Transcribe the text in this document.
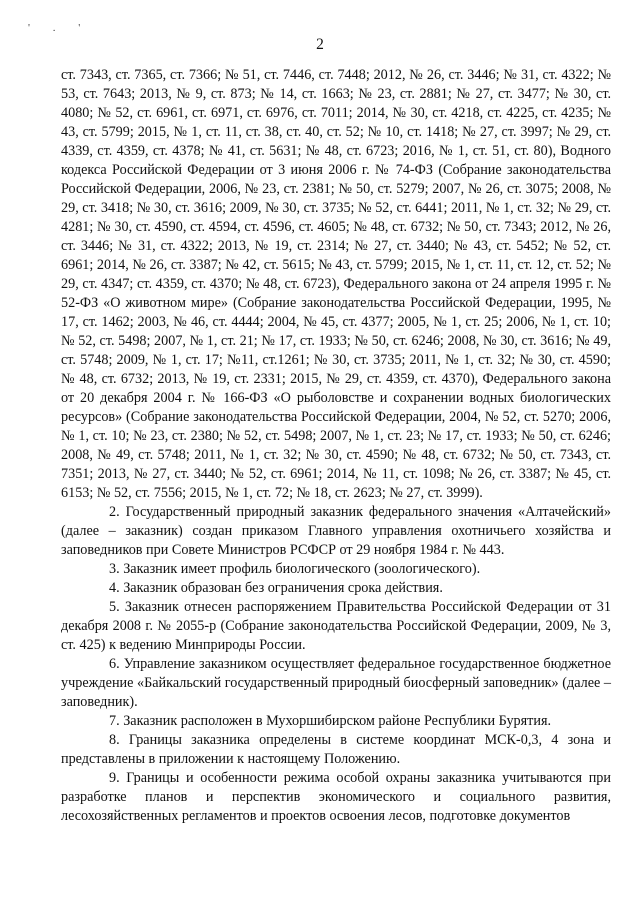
' . '
2

ст. 7343, ст. 7365, ст. 7366; № 51, ст. 7446, ст. 7448; 2012, № 26, ст. 3446; № 31, ст. 4322; № 53, ст. 7643; 2013, № 9, ст. 873; № 14, ст. 1663; № 23, ст. 2881; № 27, ст. 3477; № 30, ст. 4080; № 52, ст. 6961, ст. 6971, ст. 6976, ст. 7011; 2014, № 30, ст. 4218, ст. 4225, ст. 4235; № 43, ст. 5799; 2015, № 1, ст. 11, ст. 38, ст. 40, ст. 52; № 10, ст. 1418; № 27, ст. 3997; № 29, ст. 4339, ст. 4359, ст. 4378; № 41, ст. 5631; № 48, ст. 6723; 2016, № 1, ст. 51, ст. 80), Водного кодекса Российской Федерации от 3 июня 2006 г. № 74-ФЗ (Собрание законодательства Российской Федерации, 2006, № 23, ст. 2381; № 50, ст. 5279; 2007, № 26, ст. 3075; 2008, № 29, ст. 3418; № 30, ст. 3616; 2009, № 30, ст. 3735; № 52, ст. 6441; 2011, № 1, ст. 32; № 29, ст. 4281; № 30, ст. 4590, ст. 4594, ст. 4596, ст. 4605; № 48, ст. 6732; № 50, ст. 7343; 2012, № 26, ст. 3446; № 31, ст. 4322; 2013, № 19, ст. 2314; № 27, ст. 3440; № 43, ст. 5452; № 52, ст. 6961; 2014, № 26, ст. 3387; № 42, ст. 5615; № 43, ст. 5799; 2015, № 1, ст. 11, ст. 12, ст. 52; № 29, ст. 4347; ст. 4359, ст. 4370; № 48, ст. 6723), Федерального закона от 24 апреля 1995 г. № 52-ФЗ «О животном мире» (Собрание законодательства Российской Федерации, 1995, № 17, ст. 1462; 2003, № 46, ст. 4444; 2004, № 45, ст. 4377; 2005, № 1, ст. 25; 2006, № 1, ст. 10; № 52, ст. 5498; 2007, № 1, ст. 21; № 17, ст. 1933; № 50, ст. 6246; 2008, № 30, ст. 3616; № 49, ст. 5748; 2009, № 1, ст. 17; №11, ст.1261; № 30, ст. 3735; 2011, № 1, ст. 32; № 30, ст. 4590; № 48, ст. 6732; 2013, № 19, ст. 2331; 2015, № 29, ст. 4359, ст. 4370), Федерального закона от 20 декабря 2004 г. № 166-ФЗ «О рыболовстве и сохранении водных биологических ресурсов» (Собрание законодательства Российской Федерации, 2004, № 52, ст. 5270; 2006, № 1, ст. 10; № 23, ст. 2380; № 52, ст. 5498; 2007, № 1, ст. 23; № 17, ст. 1933; № 50, ст. 6246; 2008, № 49, ст. 5748; 2011, № 1, ст. 32; № 30, ст. 4590; № 48, ст. 6732; № 50, ст. 7343, ст. 7351; 2013, № 27, ст. 3440; № 52, ст. 6961; 2014, № 11, ст. 1098; № 26, ст. 3387; № 45, ст. 6153; № 52, ст. 7556; 2015, № 1, ст. 72; № 18, ст. 2623; № 27, ст. 3999).

2. Государственный природный заказник федерального значения «Алтачейский» (далее – заказник) создан приказом Главного управления охотничьего хозяйства и заповедников при Совете Министров РСФСР от 29 ноября 1984 г. № 443.

3. Заказник имеет профиль биологического (зоологического).

4. Заказник образован без ограничения срока действия.

5. Заказник отнесен распоряжением Правительства Российской Федерации от 31 декабря 2008 г. № 2055-р (Собрание законодательства Российской Федерации, 2009, № 3, ст. 425) к ведению Минприроды России.

6. Управление заказником осуществляет федеральное государственное бюджетное учреждение «Байкальский государственный природный биосферный заповедник» (далее – заповедник).

7. Заказник расположен в Мухоршибирском районе Республики Бурятия.

8. Границы заказника определены в системе координат МСК-0,3, 4 зона и представлены в приложении к настоящему Положению.

9. Границы и особенности режима особой охраны заказника учитываются при разработке планов и перспектив экономического и социального развития, лесохозяйственных регламентов и проектов освоения лесов, подготовке документов
